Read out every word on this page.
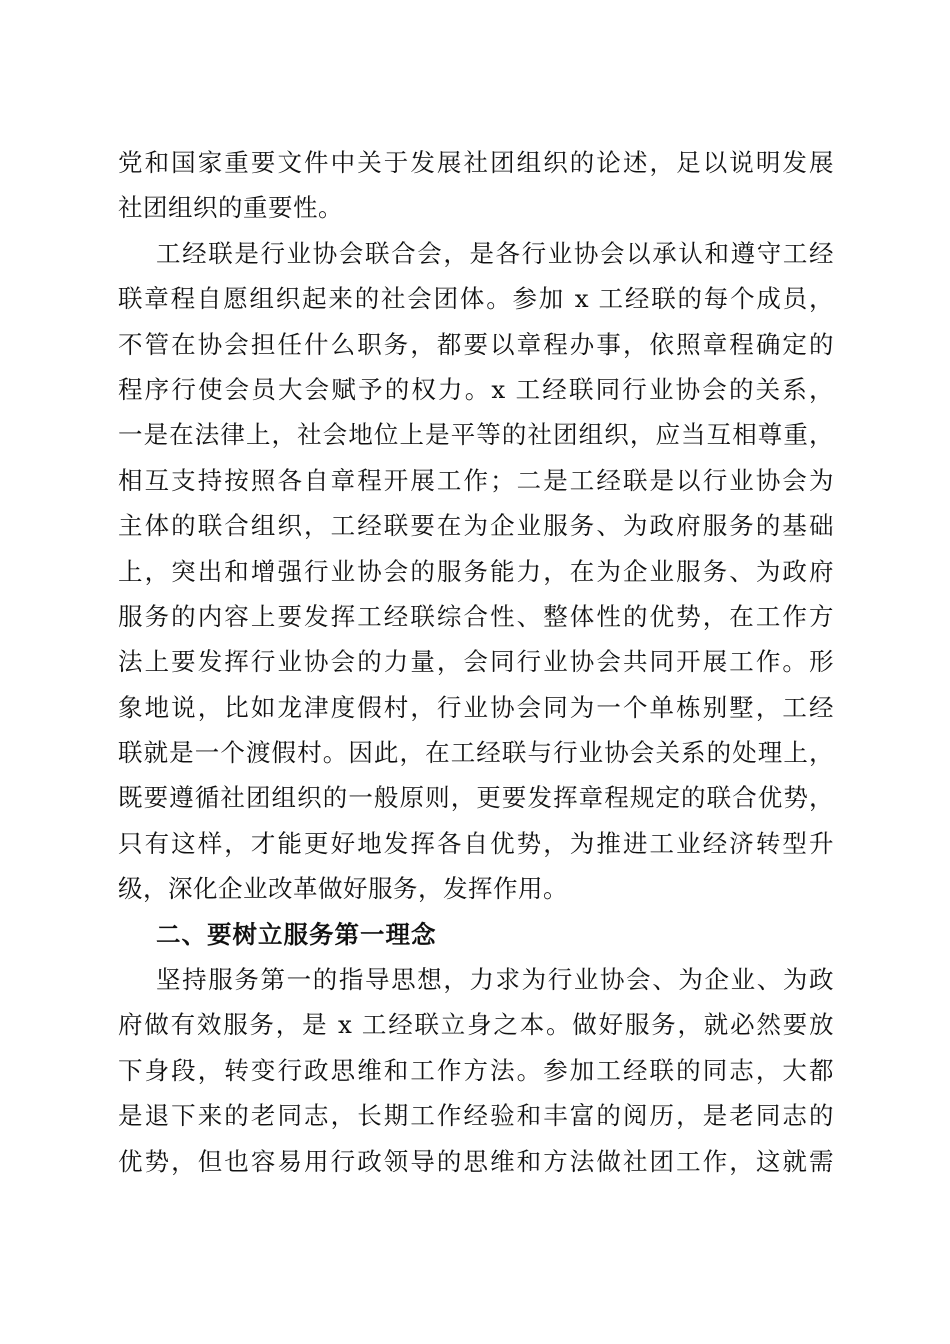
党和国家重要文件中关于发展社团组织的论述，足以说明发展
社团组织的重要性。
工经联是行业协会联合会，是各行业协会以承认和遵守工经
联章程自愿组织起来的社会团体。参加 x 工经联的每个成员，
不管在协会担任什么职务，都要以章程办事，依照章程确定的
程序行使会员大会赋予的权力。x 工经联同行业协会的关系，
一是在法律上，社会地位上是平等的社团组织，应当互相尊重，
相互支持按照各自章程开展工作；二是工经联是以行业协会为
主体的联合组织，工经联要在为企业服务、为政府服务的基础
上，突出和增强行业协会的服务能力，在为企业服务、为政府
服务的内容上要发挥工经联综合性、整体性的优势，在工作方
法上要发挥行业协会的力量，会同行业协会共同开展工作。形
象地说，比如龙津度假村，行业协会同为一个单栋别墅，工经
联就是一个渡假村。因此，在工经联与行业协会关系的处理上，
既要遵循社团组织的一般原则，更要发挥章程规定的联合优势，
只有这样，才能更好地发挥各自优势，为推进工业经济转型升
级，深化企业改革做好服务，发挥作用。
二、要树立服务第一理念
坚持服务第一的指导思想，力求为行业协会、为企业、为政
府做有效服务，是 x 工经联立身之本。做好服务，就必然要放
下身段，转变行政思维和工作方法。参加工经联的同志，大都
是退下来的老同志，长期工作经验和丰富的阅历，是老同志的
优势，但也容易用行政领导的思维和方法做社团工作，这就需
